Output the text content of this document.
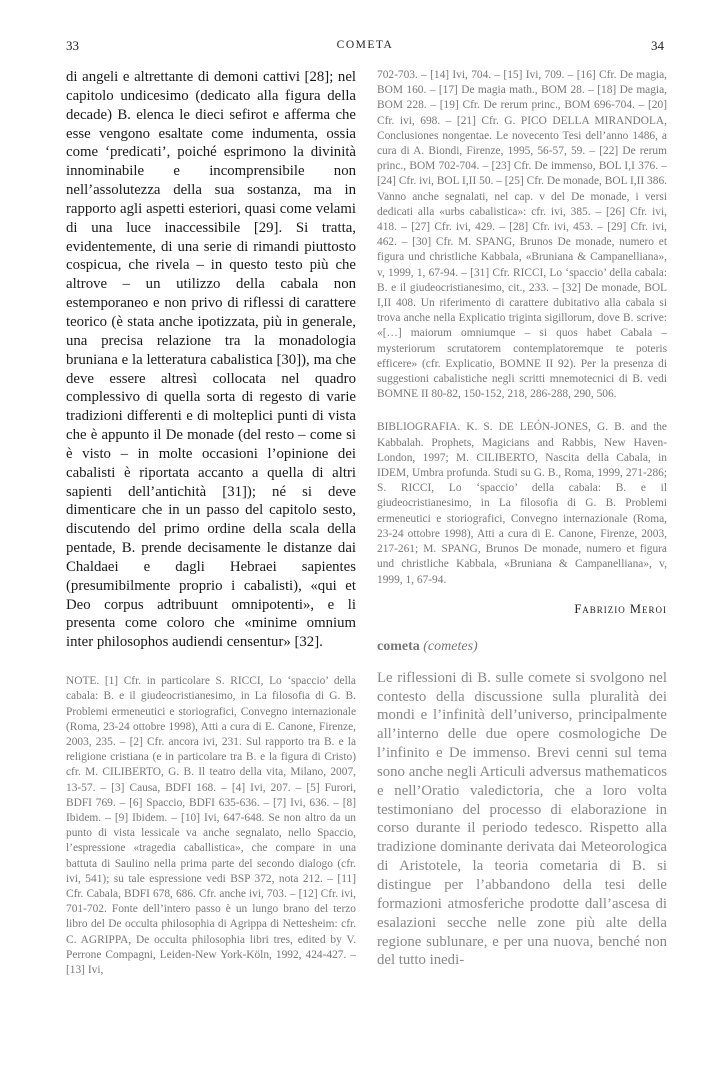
33	COMETA	34

di angeli e altrettante di demoni cattivi [28]; nel capitolo undicesimo (dedicato alla figura della decade) B. elenca le dieci sefirot e afferma che esse vengono esaltate come indumenta, ossia come ‘predicati’, poiché esprimono la divinità innominabile e incomprensibile non nell’assolutezza della sua sostanza, ma in rapporto agli aspetti esteriori, quasi come velami di una luce inaccessibile [29]. Si tratta, evidentemente, di una serie di rimandi piuttosto cospicua, che rivela – in questo testo più che altrove – un utilizzo della cabala non estemporaneo e non privo di riflessi di carattere teorico (è stata anche ipotizzata, più in generale, una precisa relazione tra la monadologia bruniana e la letteratura cabalistica [30]), ma che deve essere altresì collocata nel quadro complessivo di quella sorta di regesto di varie tradizioni differenti e di molteplici punti di vista che è appunto il De monade (del resto – come si è visto – in molte occasioni l’opinione dei cabalisti è riportata accanto a quella di altri sapienti dell’antichità [31]); né si deve dimenticare che in un passo del capitolo sesto, discutendo del primo ordine della scala della pentade, B. prende decisamente le distanze dai Chaldaei e dagli Hebraei sapientes (presumibilmente proprio i cabalisti), «qui et Deo corpus adtribuunt omnipotenti», e li presenta come coloro che «minime omnium inter philosophos audiendi censentur» [32].

NOTE. [1] Cfr. in particolare S. RICCI, Lo ‘spaccio’ della cabala: B. e il giudeocristianesimo, in La filosofia di G. B. Problemi ermeneutici e storiografici, Convegno internazionale (Roma, 23-24 ottobre 1998), Atti a cura di E. Canone, Firenze, 2003, 235. – [2] Cfr. ancora ivi, 231. Sul rapporto tra B. e la religione cristiana (e in particolare tra B. e la figura di Cristo) cfr. M. CILIBERTO, G. B. Il teatro della vita, Milano, 2007, 13-57. – [3] Causa, BDFI 168. – [4] Ivi, 207. – [5] Furori, BDFI 769. – [6] Spaccio, BDFI 635-636. – [7] Ivi, 636. – [8] Ibidem. – [9] Ibidem. – [10] Ivi, 647-648. Se non altro da un punto di vista lessicale va anche segnalato, nello Spaccio, l’espressione «tragedia caballistica», che compare in una battuta di Saulino nella prima parte del secondo dialogo (cfr. ivi, 541); su tale espressione vedi BSP 372, nota 212. – [11] Cfr. Cabala, BDFI 678, 686. Cfr. anche ivi, 703. – [12] Cfr. ivi, 701-702. Fonte dell’intero passo è un lungo brano del terzo libro del De occulta philosophia di Agrippa di Nettesheim: cfr. C. AGRIPPA, De occulta philosophia libri tres, edited by V. Perrone Compagni, Leiden-New York-Köln, 1992, 424-427. – [13] Ivi,

702-703. – [14] Ivi, 704. – [15] Ivi, 709. – [16] Cfr. De magia, BOM 160. – [17] De magia math., BOM 28. – [18] De magia, BOM 228. – [19] Cfr. De rerum princ., BOM 696-704. – [20] Cfr. ivi, 698. – [21] Cfr. G. PICO DELLA MIRANDOLA, Conclusiones nongentae. Le novecento Tesi dell’anno 1486, a cura di A. Biondi, Firenze, 1995, 56-57, 59. – [22] De rerum princ., BOM 702-704. – [23] Cfr. De immenso, BOL I,I 376. – [24] Cfr. ivi, BOL I,II 50. – [25] Cfr. De monade, BOL I,II 386. Vanno anche segnalati, nel cap. v del De monade, i versi dedicati alla «urbs cabalistica»: cfr. ivi, 385. – [26] Cfr. ivi, 418. – [27] Cfr. ivi, 429. – [28] Cfr. ivi, 453. – [29] Cfr. ivi, 462. – [30] Cfr. M. SPANG, Brunos De monade, numero et figura und christliche Kabbala, «Bruniana & Campanelliana», v, 1999, 1, 67-94. – [31] Cfr. RICCI, Lo ‘spaccio’ della cabala: B. e il giudeocristianesimo, cit., 233. – [32] De monade, BOL I,II 408. Un riferimento di carattere dubitativo alla cabala si trova anche nella Explicatio triginta sigillorum, dove B. scrive: «[…] maiorum omniumque – si quos habet Cabala – mysteriorum scrutatorem contemplatoremque te poteris efficere» (cfr. Explicatio, BOMNE II 92). Per la presenza di suggestioni cabalistiche negli scritti mnemotecnici di B. vedi BOMNE II 80-82, 150-152, 218, 286-288, 290, 506.

BIBLIOGRAFIA. K. S. DE LEÓN-JONES, G. B. and the Kabbalah. Prophets, Magicians and Rabbis, New Haven-London, 1997; M. CILIBERTO, Nascita della Cabala, in IDEM, Umbra profunda. Studi su G. B., Roma, 1999, 271-286; S. RICCI, Lo ‘spaccio’ della cabala: B. e il giudeocristianesimo, in La filosofia di G. B. Problemi ermeneutici e storiografici, Convegno internazionale (Roma, 23-24 ottobre 1998), Atti a cura di E. Canone, Firenze, 2003, 217-261; M. SPANG, Brunos De monade, numero et figura und christliche Kabbala, «Bruniana & Campanelliana», v, 1999, 1, 67-94.

Fabrizio Meroi
cometa (cometes)

Le riflessioni di B. sulle comete si svolgono nel contesto della discussione sulla pluralità dei mondi e l’infinità dell’universo, principalmente all’interno delle due opere cosmologiche De l’infinito e De immenso. Brevi cenni sul tema sono anche negli Articuli adversus mathematicos e nell’Oratio valedictoria, che a loro volta testimoniano del processo di elaborazione in corso durante il periodo tedesco. Rispetto alla tradizione dominante derivata dai Meteorologica di Aristotele, la teoria cometaria di B. si distingue per l’abbandono della tesi delle formazioni atmosferiche prodotte dall’ascesa di esalazioni secche nelle zone più alte della regione sublunare, e per una nuova, benché non del tutto inedi-
